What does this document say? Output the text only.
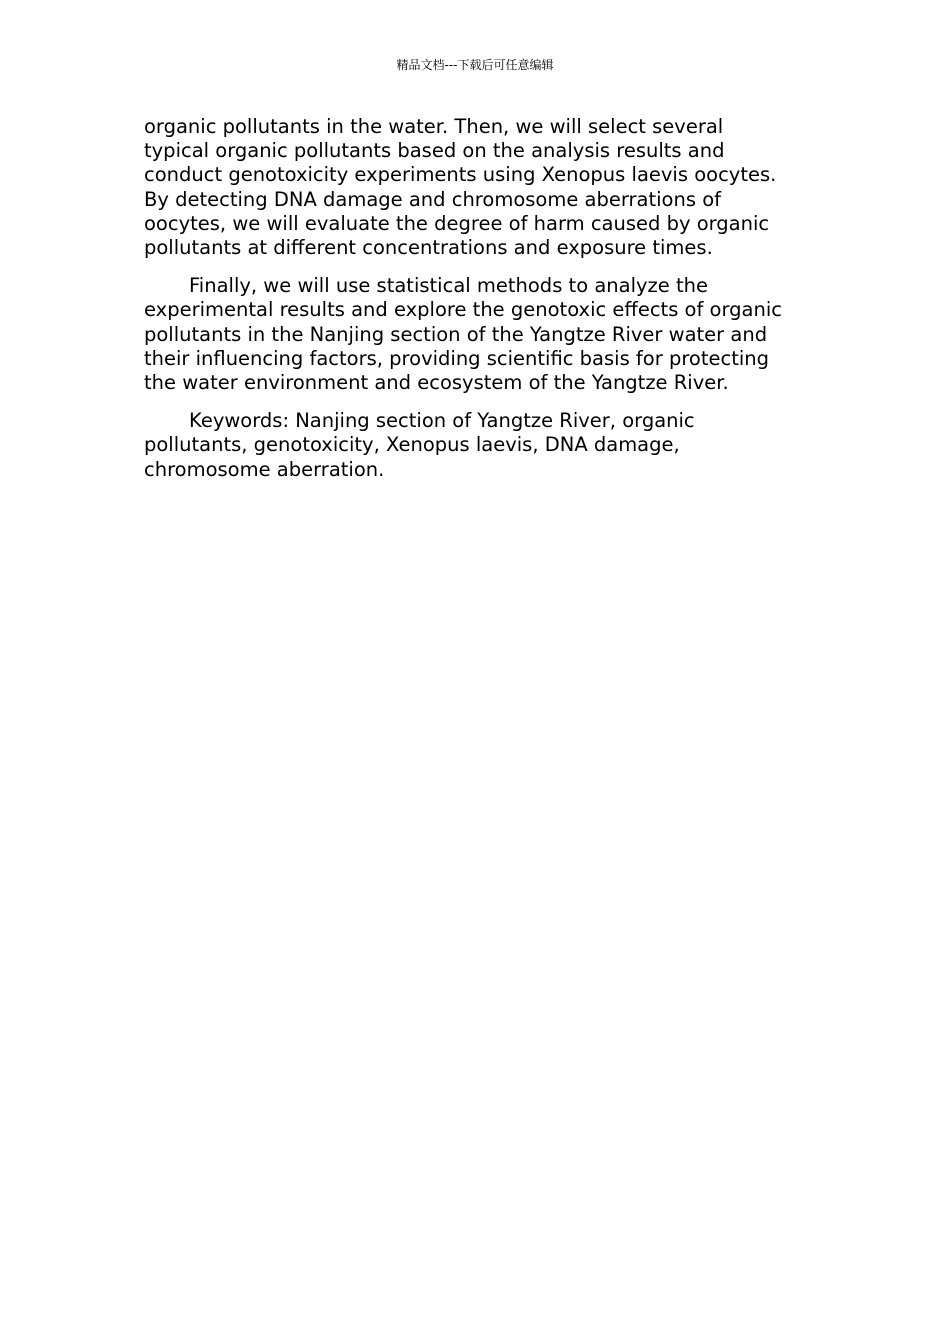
精品文档---下载后可任意编辑

organic pollutants in the water. Then, we will select several typical organic pollutants based on the analysis results and conduct genotoxicity experiments using Xenopus laevis oocytes. By detecting DNA damage and chromosome aberrations of oocytes, we will evaluate the degree of harm caused by organic pollutants at different concentrations and exposure times.

Finally, we will use statistical methods to analyze the experimental results and explore the genotoxic effects of organic pollutants in the Nanjing section of the Yangtze River water and their influencing factors, providing scientific basis for protecting the water environment and ecosystem of the Yangtze River.

Keywords: Nanjing section of Yangtze River, organic pollutants, genotoxicity, Xenopus laevis, DNA damage, chromosome aberration.
